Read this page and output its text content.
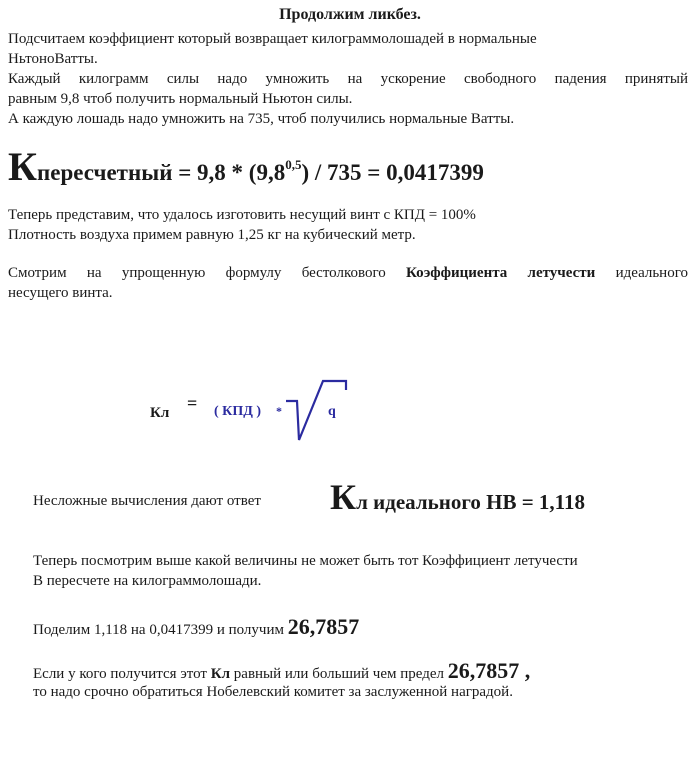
Продолжим ликбез.
Подсчитаем коэффициент который возвращает килограммолошадей в нормальные
НьтоноВатты.
Каждый килограмм силы надо умножить на ускорение свободного падения принятый
равным 9,8 чтоб получить нормальный Ньютон силы.
А каждую лошадь надо умножить на 735, чтоб получились нормальные Ватты.
Кпересчетный = 9,8 * (9,8$^{0,5}$) / 735 = 0,0417399
Теперь представим, что удалось изготовить несущий винт с КПД = 100%
Плотность воздуха примем равную 1,25 кг на кубический метр.
Смотрим на упрощенную формулу бестолкового Коэффициента летучести идеального
несущего винта.
Кл = ( КПД ) *	q
Несложные вычисления дают ответ Кл идеального НВ = 1,118
Теперь посмотрим выше какой величины не может быть тот Коэффициент летучести
В пересчете на килограммолошади.
Поделим 1,118 на 0,0417399 и получим 26,7857
Если у кого получится этот Кл равный или больший чем предел 26,7857 ,
то надо срочно обратиться Нобелевский комитет за заслуженной наградой.
